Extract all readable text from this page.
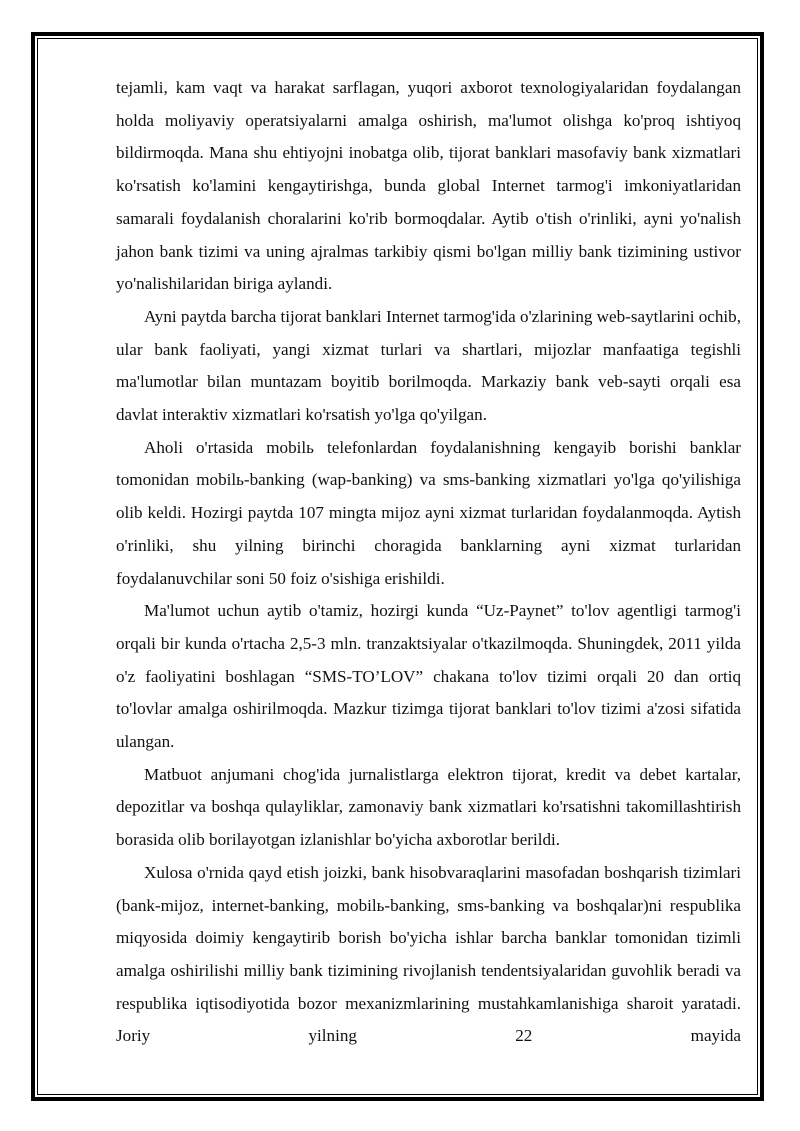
tejamli, kam vaqt va harakat sarflagan, yuqori axborot texnologiyalaridan foydalangan holda moliyaviy operatsiyalarni amalga oshirish, ma'lumot olishga ko'proq ishtiyoq bildirmoqda. Mana shu ehtiyojni inobatga olib, tijorat banklari masofaviy bank xizmatlari ko'rsatish ko'lamini kengaytirishga, bunda global Internet tarmog'i imkoniyatlaridan samarali foydalanish choralarini ko'rib bormoqdalar. Aytib o'tish o'rinliki, ayni yo'nalish jahon bank tizimi va uning ajralmas tarkibiy qismi bo'lgan milliy bank tizimining ustivor yo'nalishilaridan biriga aylandi.

Ayni paytda barcha tijorat banklari Internet tarmog'ida o'zlarining web-saytlarini ochib, ular bank faoliyati, yangi xizmat turlari va shartlari, mijozlar manfaatiga tegishli ma'lumotlar bilan muntazam boyitib borilmoqda. Markaziy bank veb-sayti orqali esa davlat interaktiv xizmatlari ko'rsatish yo'lga qo'yilgan.

Aholi o'rtasida mobilь telefonlardan foydalanishning kengayib borishi banklar tomonidan mobilь-banking (wap-banking) va sms-banking xizmatlari yo'lga qo'yilishiga olib keldi. Hozirgi paytda 107 mingta mijoz ayni xizmat turlaridan foydalanmoqda. Aytish o'rinliki, shu yilning birinchi choragida banklarning ayni xizmat turlaridan foydalanuvchilar soni 50 foiz o'sishiga erishildi.

Ma'lumot uchun aytib o'tamiz, hozirgi kunda “Uz-Paynet” to'lov agentligi tarmog'i orqali bir kunda o'rtacha 2,5-3 mln. tranzaktsiyalar o'tkazilmoqda. Shuningdek, 2011 yilda o'z faoliyatini boshlagan “SMS-TO’LOV” chakana to'lov tizimi orqali 20 dan ortiq to'lovlar amalga oshirilmoqda. Mazkur tizimga tijorat banklari to'lov tizimi a'zosi sifatida ulangan.

Matbuot anjumani chog'ida jurnalistlarga elektron tijorat, kredit va debet kartalar, depozitlar va boshqa qulayliklar, zamonaviy bank xizmatlari ko'rsatishni takomillashtirish borasida olib borilayotgan izlanishlar bo'yicha axborotlar berildi.

Xulosa o'rnida qayd etish joizki, bank hisobvaraqlarini masofadan boshqarish tizimlari (bank-mijoz, internet-banking, mobilь-banking, sms-banking va boshqalar)ni respublika miqyosida doimiy kengaytirib borish bo'yicha ishlar barcha banklar tomonidan tizimli amalga oshirilishi milliy bank tizimining rivojlanish tendentsiyalaridan guvohlik beradi va respublika iqtisodiyotida bozor mexanizmlarining mustahkamlanishiga sharoit yaratadi. Joriy yilning 22 mayida
